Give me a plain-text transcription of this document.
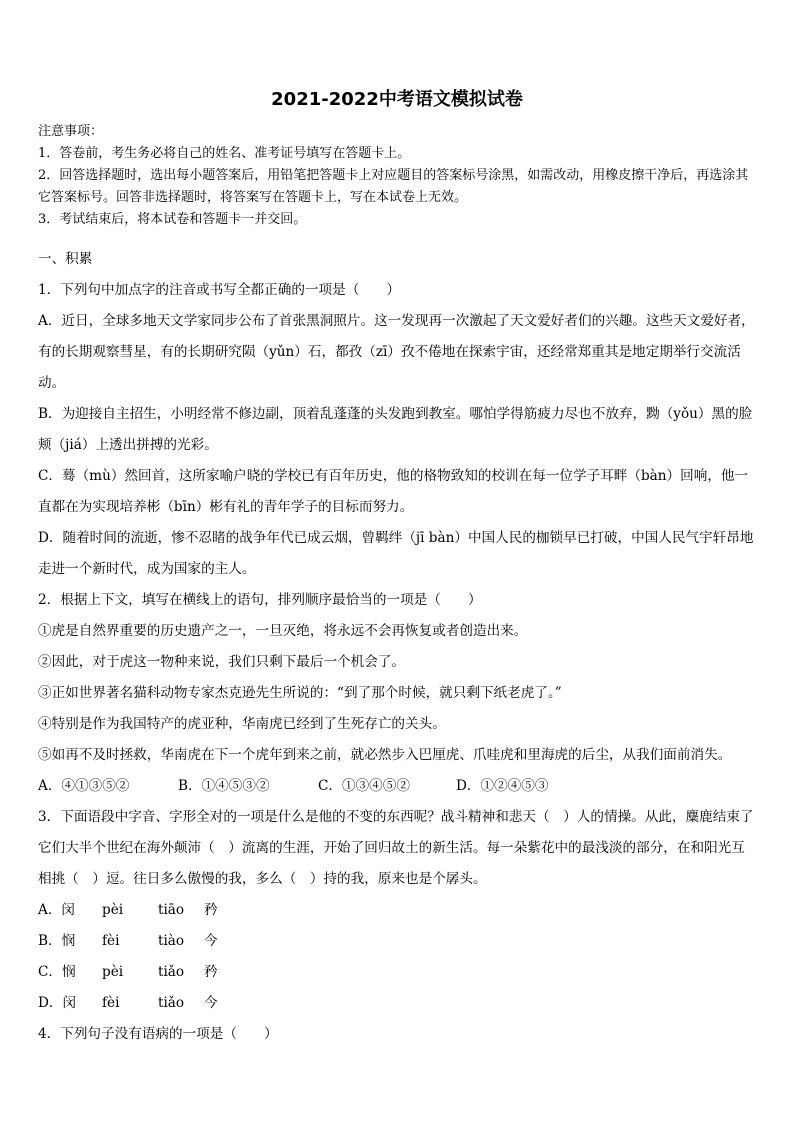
2021-2022中考语文模拟试卷

注意事项：

1．答卷前，考生务必将自己的姓名、准考证号填写在答题卡上。

2．回答选择题时，选出每小题答案后，用铅笔把答题卡上对应题目的答案标号涂黑，如需改动，用橡皮擦干净后，再选涂其它答案标号。回答非选择题时，将答案写在答题卡上，写在本试卷上无效。

3．考试结束后，将本试卷和答题卡一并交回。

一、积累

1．下列句中加点字的注音或书写全都正确的一项是（　　）

A．近日，全球多地天文学家同步公布了首张黑洞照片。这一发现再一次激起了天文爱好者们的兴趣。这些天文爱好者，有的长期观察彗星，有的长期研究陨（yǔn）石，都孜（zī）孜不倦地在探索宇宙，还经常郑重其是地定期举行交流活动。

B．为迎接自主招生，小明经常不修边副，顶着乱蓬蓬的头发跑到教室。哪怕学得筋疲力尽也不放弃，黝（yǒu）黑的脸颊（jiá）上透出拼搏的光彩。

C．蓦（mù）然回首，这所家喻户晓的学校已有百年历史，他的格物致知的校训在每一位学子耳畔（bàn）回响，他一直都在为实现培养彬（bīn）彬有礼的青年学子的目标而努力。

D．随着时间的流逝，惨不忍睹的战争年代已成云烟，曾羁绊（jī bàn）中国人民的枷锁早已打破，中国人民气宇轩昂地走进一个新时代，成为国家的主人。

2．根据上下文，填写在横线上的语句，排列顺序最恰当的一项是（　　）

①虎是自然界重要的历史遗产之一，一旦灭绝，将永远不会再恢复或者创造出来。

②因此，对于虎这一物种来说，我们只剩下最后一个机会了。

③正如世界著名猫科动物专家杰克逊先生所说的：“到了那个时候，就只剩下纸老虎了。”

④特别是作为我国特产的虎亚种，华南虎已经到了生死存亡的关头。

⑤如再不及时拯救，华南虎在下一个虎年到来之前，就必然步入巴厘虎、爪哇虎和里海虎的后尘，从我们面前消失。

A．④①③⑤②	B．①④⑤③②	C．①③④⑤②	D．①②④⑤③

3．下面语段中字音、字形全对的一项是什么是他的不变的东西呢？战斗精神和悲天（　）人的情操。从此，麋鹿结束了它们大半个世纪在海外颠沛（　）流离的生涯，开始了回归故土的新生活。每一朵紫花中的最浅淡的部分，在和阳光互相挑（　）逗。往日多么傲慢的我，多么（　）持的我，原来也是个孱头。

A．闵 pèi	tiāo 矜

B．悯 fèi	tiào 今

C．悯 pèi	tiǎo 矜

D．闵 fèi	tiǎo 今

4．下列句子没有语病的一项是（　　）
